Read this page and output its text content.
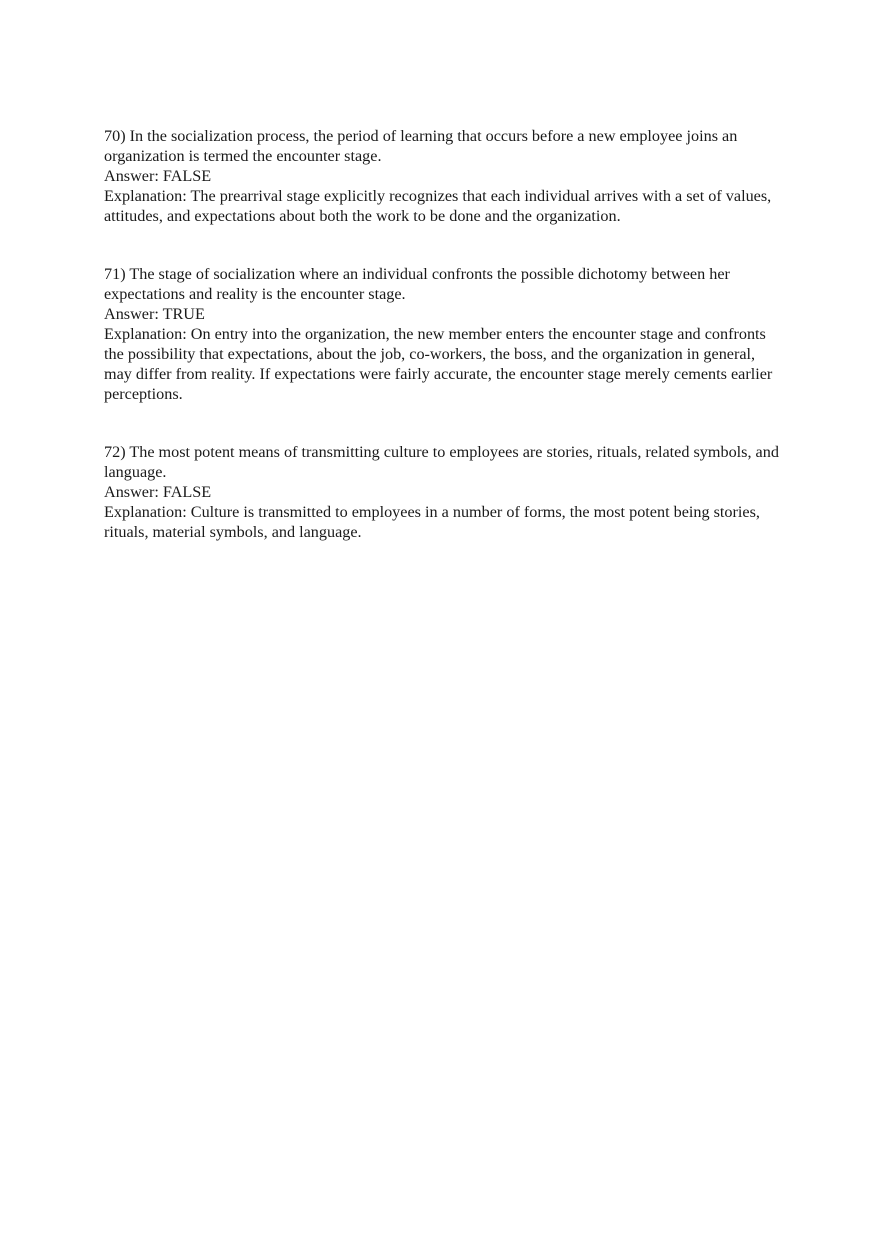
70) In the socialization process, the period of learning that occurs before a new employee joins an organization is termed the encounter stage.

Answer: FALSE

Explanation: The prearrival stage explicitly recognizes that each individual arrives with a set of values, attitudes, and expectations about both the work to be done and the organization.

71) The stage of socialization where an individual confronts the possible dichotomy between her expectations and reality is the encounter stage.

Answer: TRUE

Explanation: On entry into the organization, the new member enters the encounter stage and confronts the possibility that expectations, about the job, co-workers, the boss, and the organization in general, may differ from reality. If expectations were fairly accurate, the encounter stage merely cements earlier perceptions.

72) The most potent means of transmitting culture to employees are stories, rituals, related symbols, and language.

Answer: FALSE

Explanation: Culture is transmitted to employees in a number of forms, the most potent being stories, rituals, material symbols, and language.
